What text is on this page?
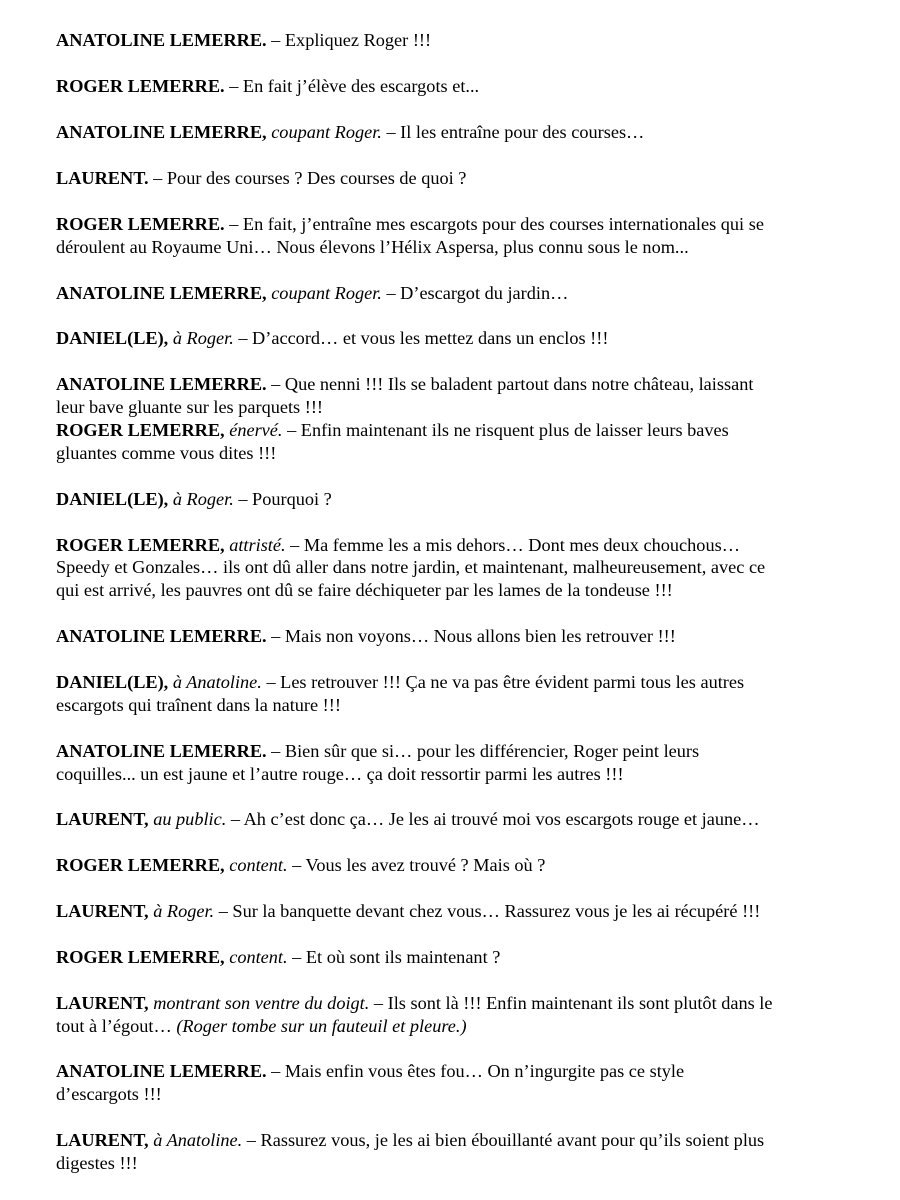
ANATOLINE LEMERRE. – Expliquez Roger !!!
ROGER LEMERRE. – En fait j’élève des escargots et...
ANATOLINE LEMERRE, coupant Roger. – Il les entraîne pour des courses…
LAURENT. – Pour des courses ? Des courses de quoi ?
ROGER LEMERRE. – En fait, j’entraîne mes escargots pour des courses internationales qui se
déroulent au Royaume Uni… Nous élevons l’Hélix Aspersa, plus connu sous le nom...
ANATOLINE LEMERRE, coupant Roger. – D’escargot du jardin…
DANIEL(LE), à Roger. – D’accord… et vous les mettez dans un enclos !!!
ANATOLINE LEMERRE. – Que nenni !!! Ils se baladent partout dans notre château, laissant
leur bave gluante sur les parquets !!!
ROGER LEMERRE, énervé. – Enfin maintenant ils ne risquent plus de laisser leurs baves
gluantes comme vous dites !!!
DANIEL(LE), à Roger. – Pourquoi ?
ROGER LEMERRE, attristé. – Ma femme les a mis dehors… Dont mes deux chouchous…
Speedy et Gonzales… ils ont dû aller dans notre jardin, et maintenant, malheureusement, avec ce
qui est arrivé, les pauvres ont dû se faire déchiqueter par les lames de la tondeuse !!!
ANATOLINE LEMERRE. – Mais non voyons… Nous allons bien les retrouver !!!
DANIEL(LE), à Anatoline. – Les retrouver !!! Ça ne va pas être évident parmi tous les autres
escargots qui traînent dans la nature !!!
ANATOLINE LEMERRE. – Bien sûr que si… pour les différencier, Roger peint leurs
coquilles... un est jaune et l’autre rouge… ça doit ressortir parmi les autres !!!
LAURENT, au public. – Ah c’est donc ça… Je les ai trouvé moi vos escargots rouge et jaune…
ROGER LEMERRE, content. – Vous les avez trouvé ? Mais où ?
LAURENT, à Roger. – Sur la banquette devant chez vous… Rassurez vous je les ai récupéré !!!
ROGER LEMERRE, content. – Et où sont ils maintenant ?
LAURENT, montrant son ventre du doigt. – Ils sont là !!! Enfin maintenant ils sont plutôt dans le
tout à l’égout… (Roger tombe sur un fauteuil et pleure.)
ANATOLINE LEMERRE. – Mais enfin vous êtes fou… On n’ingurgite pas ce style
d’escargots !!!
LAURENT, à Anatoline. – Rassurez vous, je les ai bien ébouillanté avant pour qu’ils soient plus
digestes !!!
